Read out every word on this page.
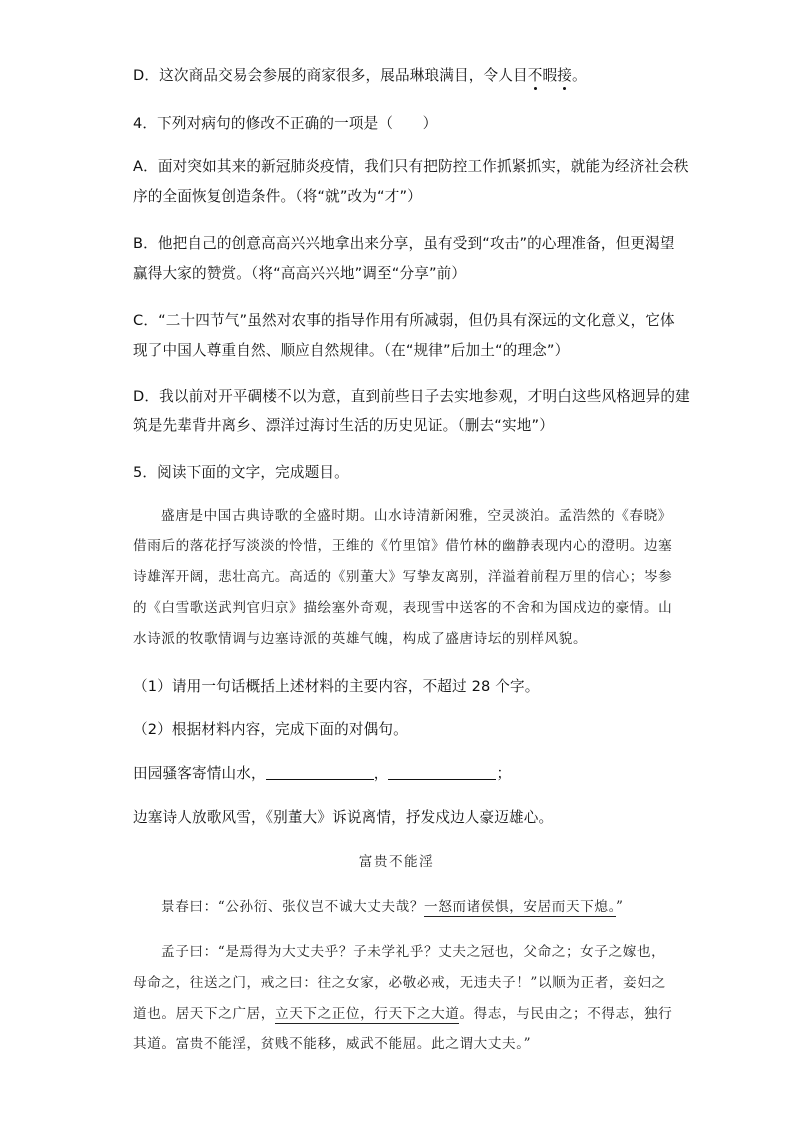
D．这次商品交易会参展的商家很多，展品琳琅满目，令人目不暇接。
4．下列对病句的修改不正确的一项是（　　）
A．面对突如其来的新冠肺炎疫情，我们只有把防控工作抓紧抓实，就能为经济社会秩
序的全面恢复创造条件。（将“就”改为“才”）
B．他把自己的创意高高兴兴地拿出来分享，虽有受到“攻击”的心理准备，但更渴望
赢得大家的赞赏。（将“高高兴兴地”调至“分享”前）
C．“二十四节气”虽然对农事的指导作用有所减弱，但仍具有深远的文化意义，它体
现了中国人尊重自然、顺应自然规律。（在“规律”后加土“的理念”）
D．我以前对开平碉楼不以为意，直到前些日子去实地参观，才明白这些风格迥异的建
筑是先辈背井离乡、漂洋过海讨生活的历史见证。（删去“实地”）
5．阅读下面的文字，完成题目。
盛唐是中国古典诗歌的全盛时期。山水诗清新闲雅，空灵淡泊。孟浩然的《春晓》
借雨后的落花抒写淡淡的怜惜，王维的《竹里馆》借竹林的幽静表现内心的澄明。边塞
诗雄浑开阔，悲壮高亢。高适的《别董大》写挚友离别，洋溢着前程万里的信心；岑参
的《白雪歌送武判官归京》描绘塞外奇观，表现雪中送客的不舍和为国戍边的豪情。山
水诗派的牧歌情调与边塞诗派的英雄气魄，构成了盛唐诗坛的别样风貌。
（1）请用一句话概括上述材料的主要内容，不超过 28 个字。
（2）根据材料内容，完成下面的对偶句。
田园骚客寄情山水，	，	；
边塞诗人放歌风雪，《别董大》诉说离情，抒发戍边人豪迈雄心。
富贵不能淫
景春曰：“公孙衍、张仪岂不诚大丈夫哉？一怒而诸侯惧，安居而天下熄。”
孟子曰：“是焉得为大丈夫乎？子未学礼乎？丈夫之冠也，父命之；女子之嫁也，
母命之，往送之门，戒之曰：往之女家，必敬必戒，无违夫子！”以顺为正者，妾妇之
道也。居天下之广居，立天下之正位，行天下之大道。得志，与民由之；不得志，独行
其道。富贵不能淫，贫贱不能移，威武不能屈。此之谓大丈夫。”
